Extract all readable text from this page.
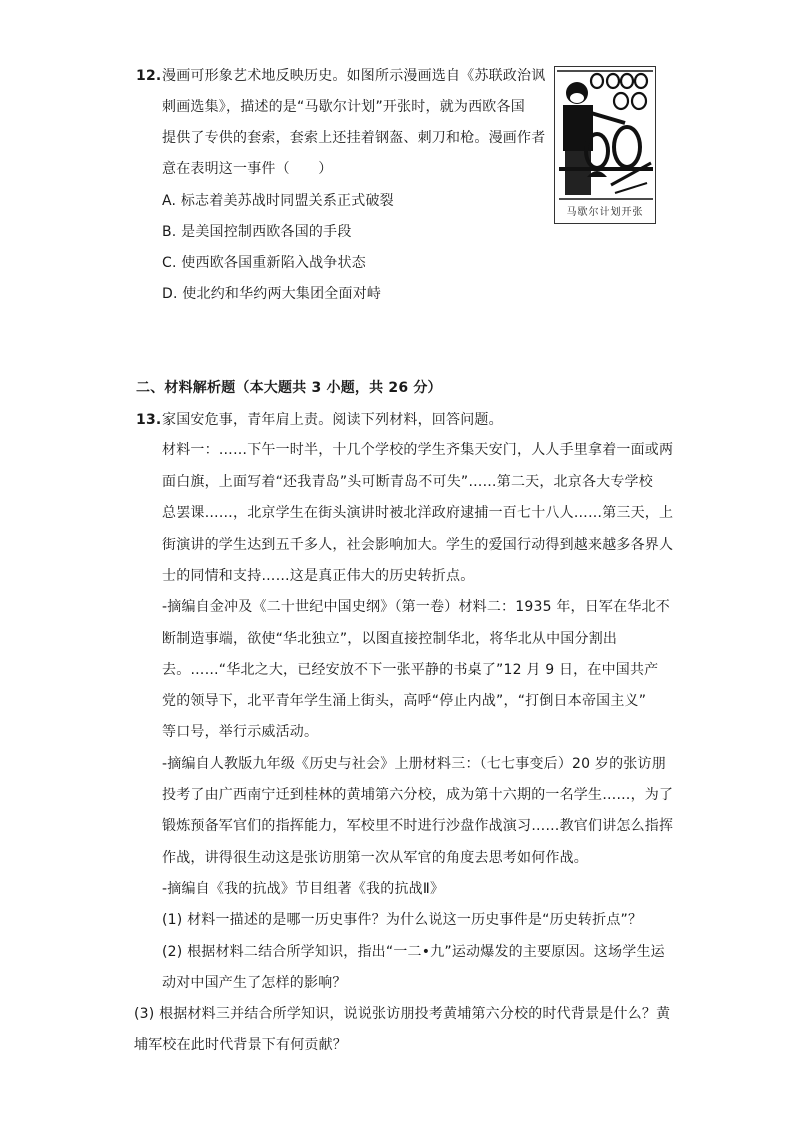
12. 漫画可形象艺术地反映历史。如图所示漫画选自《苏联政治讽
刺画选集》，描述的是“马歇尔计划”开张时，就为西欧各国
提供了专供的套索，套索上还挂着钢盔、刺刀和枪。漫画作者
意在表明这一事件（　　）
A. 标志着美苏战时同盟关系正式破裂
B. 是美国控制西欧各国的手段
C. 使西欧各国重新陷入战争状态
D. 使北约和华约两大集团全面对峙
马歇尔计划开张
二、材料解析题（本大题共 3 小题，共 26 分）
13. 家国安危事，青年肩上责。阅读下列材料，回答问题。
材料一：……下午一时半，十几个学校的学生齐集天安门，人人手里拿着一面或两
面白旗，上面写着“还我青岛”头可断青岛不可失”……第二天，北京各大专学校
总罢课……，北京学生在街头演讲时被北洋政府逮捕一百七十八人……第三天，上
街演讲的学生达到五千多人，社会影响加大。学生的爱国行动得到越来越多各界人
士的同情和支持……这是真正伟大的历史转折点。
-摘编自金冲及《二十世纪中国史纲》（第一卷）材料二：1935 年，日军在华北不
断制造事端，欲使“华北独立”，以图直接控制华北，将华北从中国分割出
去。……“华北之大，已经安放不下一张平静的书桌了”12 月 9 日，在中国共产
党的领导下，北平青年学生涌上街头，高呼“停止内战”，“打倒日本帝国主义”
等口号，举行示威活动。
-摘编自人教版九年级《历史与社会》上册材料三：（七七事变后）20 岁的张访朋
投考了由广西南宁迁到桂林的黄埔第六分校，成为第十六期的一名学生……，为了
锻炼预备军官们的指挥能力，军校里不时进行沙盘作战演习……教官们讲怎么指挥
作战，讲得很生动这是张访朋第一次从军官的角度去思考如何作战。
-摘编自《我的抗战》节目组著《我的抗战Ⅱ》
(1) 材料一描述的是哪一历史事件？为什么说这一历史事件是“历史转折点”？
(2) 根据材料二结合所学知识，指出“一二•九”运动爆发的主要原因。这场学生运
动对中国产生了怎样的影响？
(3) 根据材料三并结合所学知识，说说张访朋投考黄埔第六分校的时代背景是什么？黄
埔军校在此时代背景下有何贡献？
